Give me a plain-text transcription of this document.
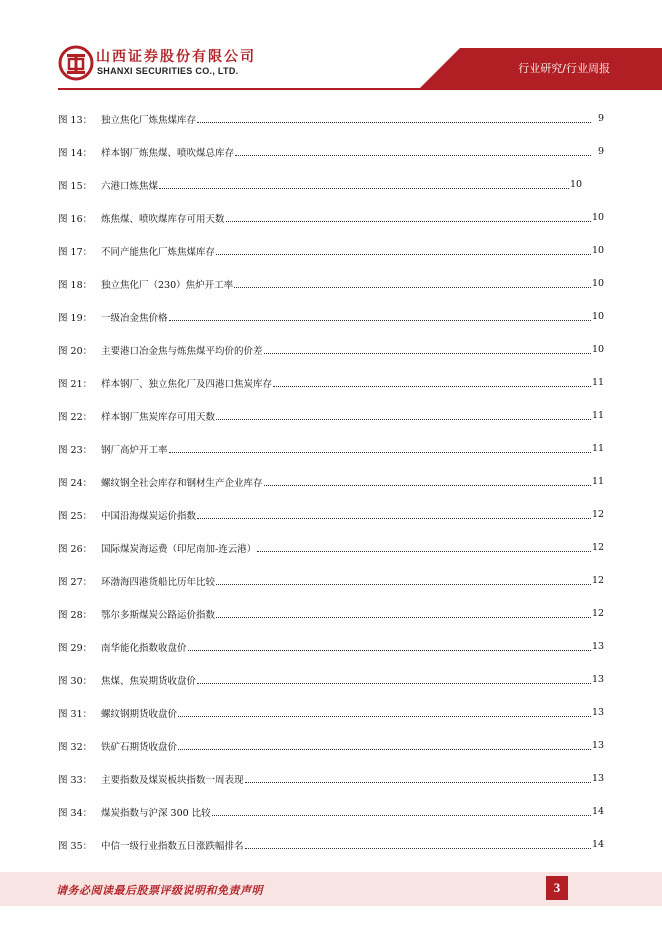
山西证券股份有限公司
SHANXI SECURITIES CO., LTD.	行业研究/行业周报
图 13： 独立焦化厂炼焦煤库存	9
图 14： 样本钢厂炼焦煤、喷吹煤总库存	9
图 15： 六港口炼焦煤	10
图 16： 炼焦煤、喷吹煤库存可用天数	10
图 17： 不同产能焦化厂炼焦煤库存	10
图 18： 独立焦化厂（230）焦炉开工率	10
图 19： 一级冶金焦价格	10
图 20： 主要港口冶金焦与炼焦煤平均价的价差	10
图 21： 样本钢厂、独立焦化厂及四港口焦炭库存	11
图 22： 样本钢厂焦炭库存可用天数	11
图 23： 钢厂高炉开工率	11
图 24： 螺纹钢全社会库存和钢材生产企业库存	11
图 25： 中国沿海煤炭运价指数	12
图 26： 国际煤炭海运费（印尼南加-连云港）	12
图 27： 环渤海四港货船比历年比较	12
图 28： 鄂尔多斯煤炭公路运价指数	12
图 29： 南华能化指数收盘价	13
图 30： 焦煤、焦炭期货收盘价	13
图 31： 螺纹钢期货收盘价	13
图 32： 铁矿石期货收盘价	13
图 33： 主要指数及煤炭板块指数一周表现	13
图 34： 煤炭指数与沪深 300 比较	14
图 35： 中信一级行业指数五日涨跌幅排名	14
请务必阅读最后股票评级说明和免责声明	3
